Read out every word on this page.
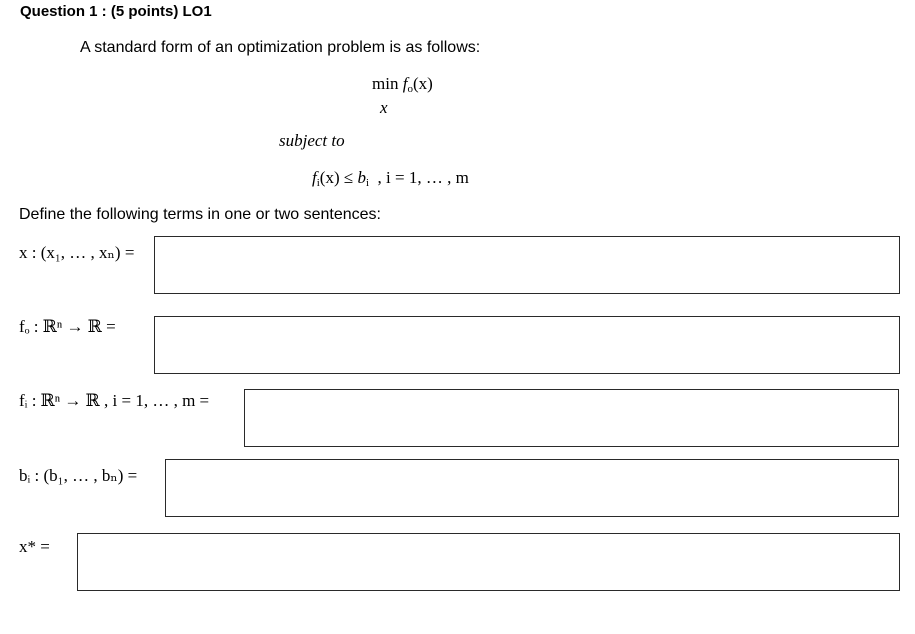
Question 1 : (5 points) LO1
A standard form of an optimization problem is as follows:
$\min f_o(x)$
x
subject to
$f_i(x) \le b_i$  , i = 1, … , m
Define the following terms in one or two sentences:
x : (x₁, … , xₙ) =
fₒ : ℝⁿ → ℝ =
fᵢ : ℝⁿ → ℝ , i = 1, … , m =
bᵢ : (b₁, … , bₙ) =
x* =
